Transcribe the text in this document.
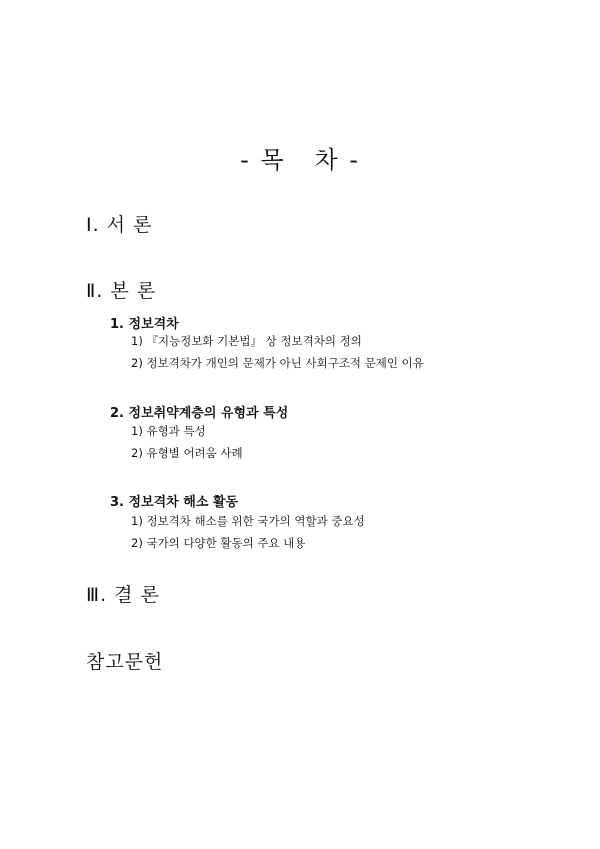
- 목   차 -
Ⅰ. 서 론
Ⅱ. 본 론
1. 정보격차
1) 『지능정보화 기본법』 상 정보격차의 정의
2) 정보격차가 개인의 문제가 아닌 사회구조적 문제인 이유
2. 정보취약계층의 유형과 특성
1) 유형과 특성
2) 유형별 어려움 사례
3. 정보격차 해소 활동
1) 정보격차 해소를 위한 국가의 역할과 중요성
2) 국가의 다양한 활동의 주요 내용
Ⅲ. 결 론
참고문헌
